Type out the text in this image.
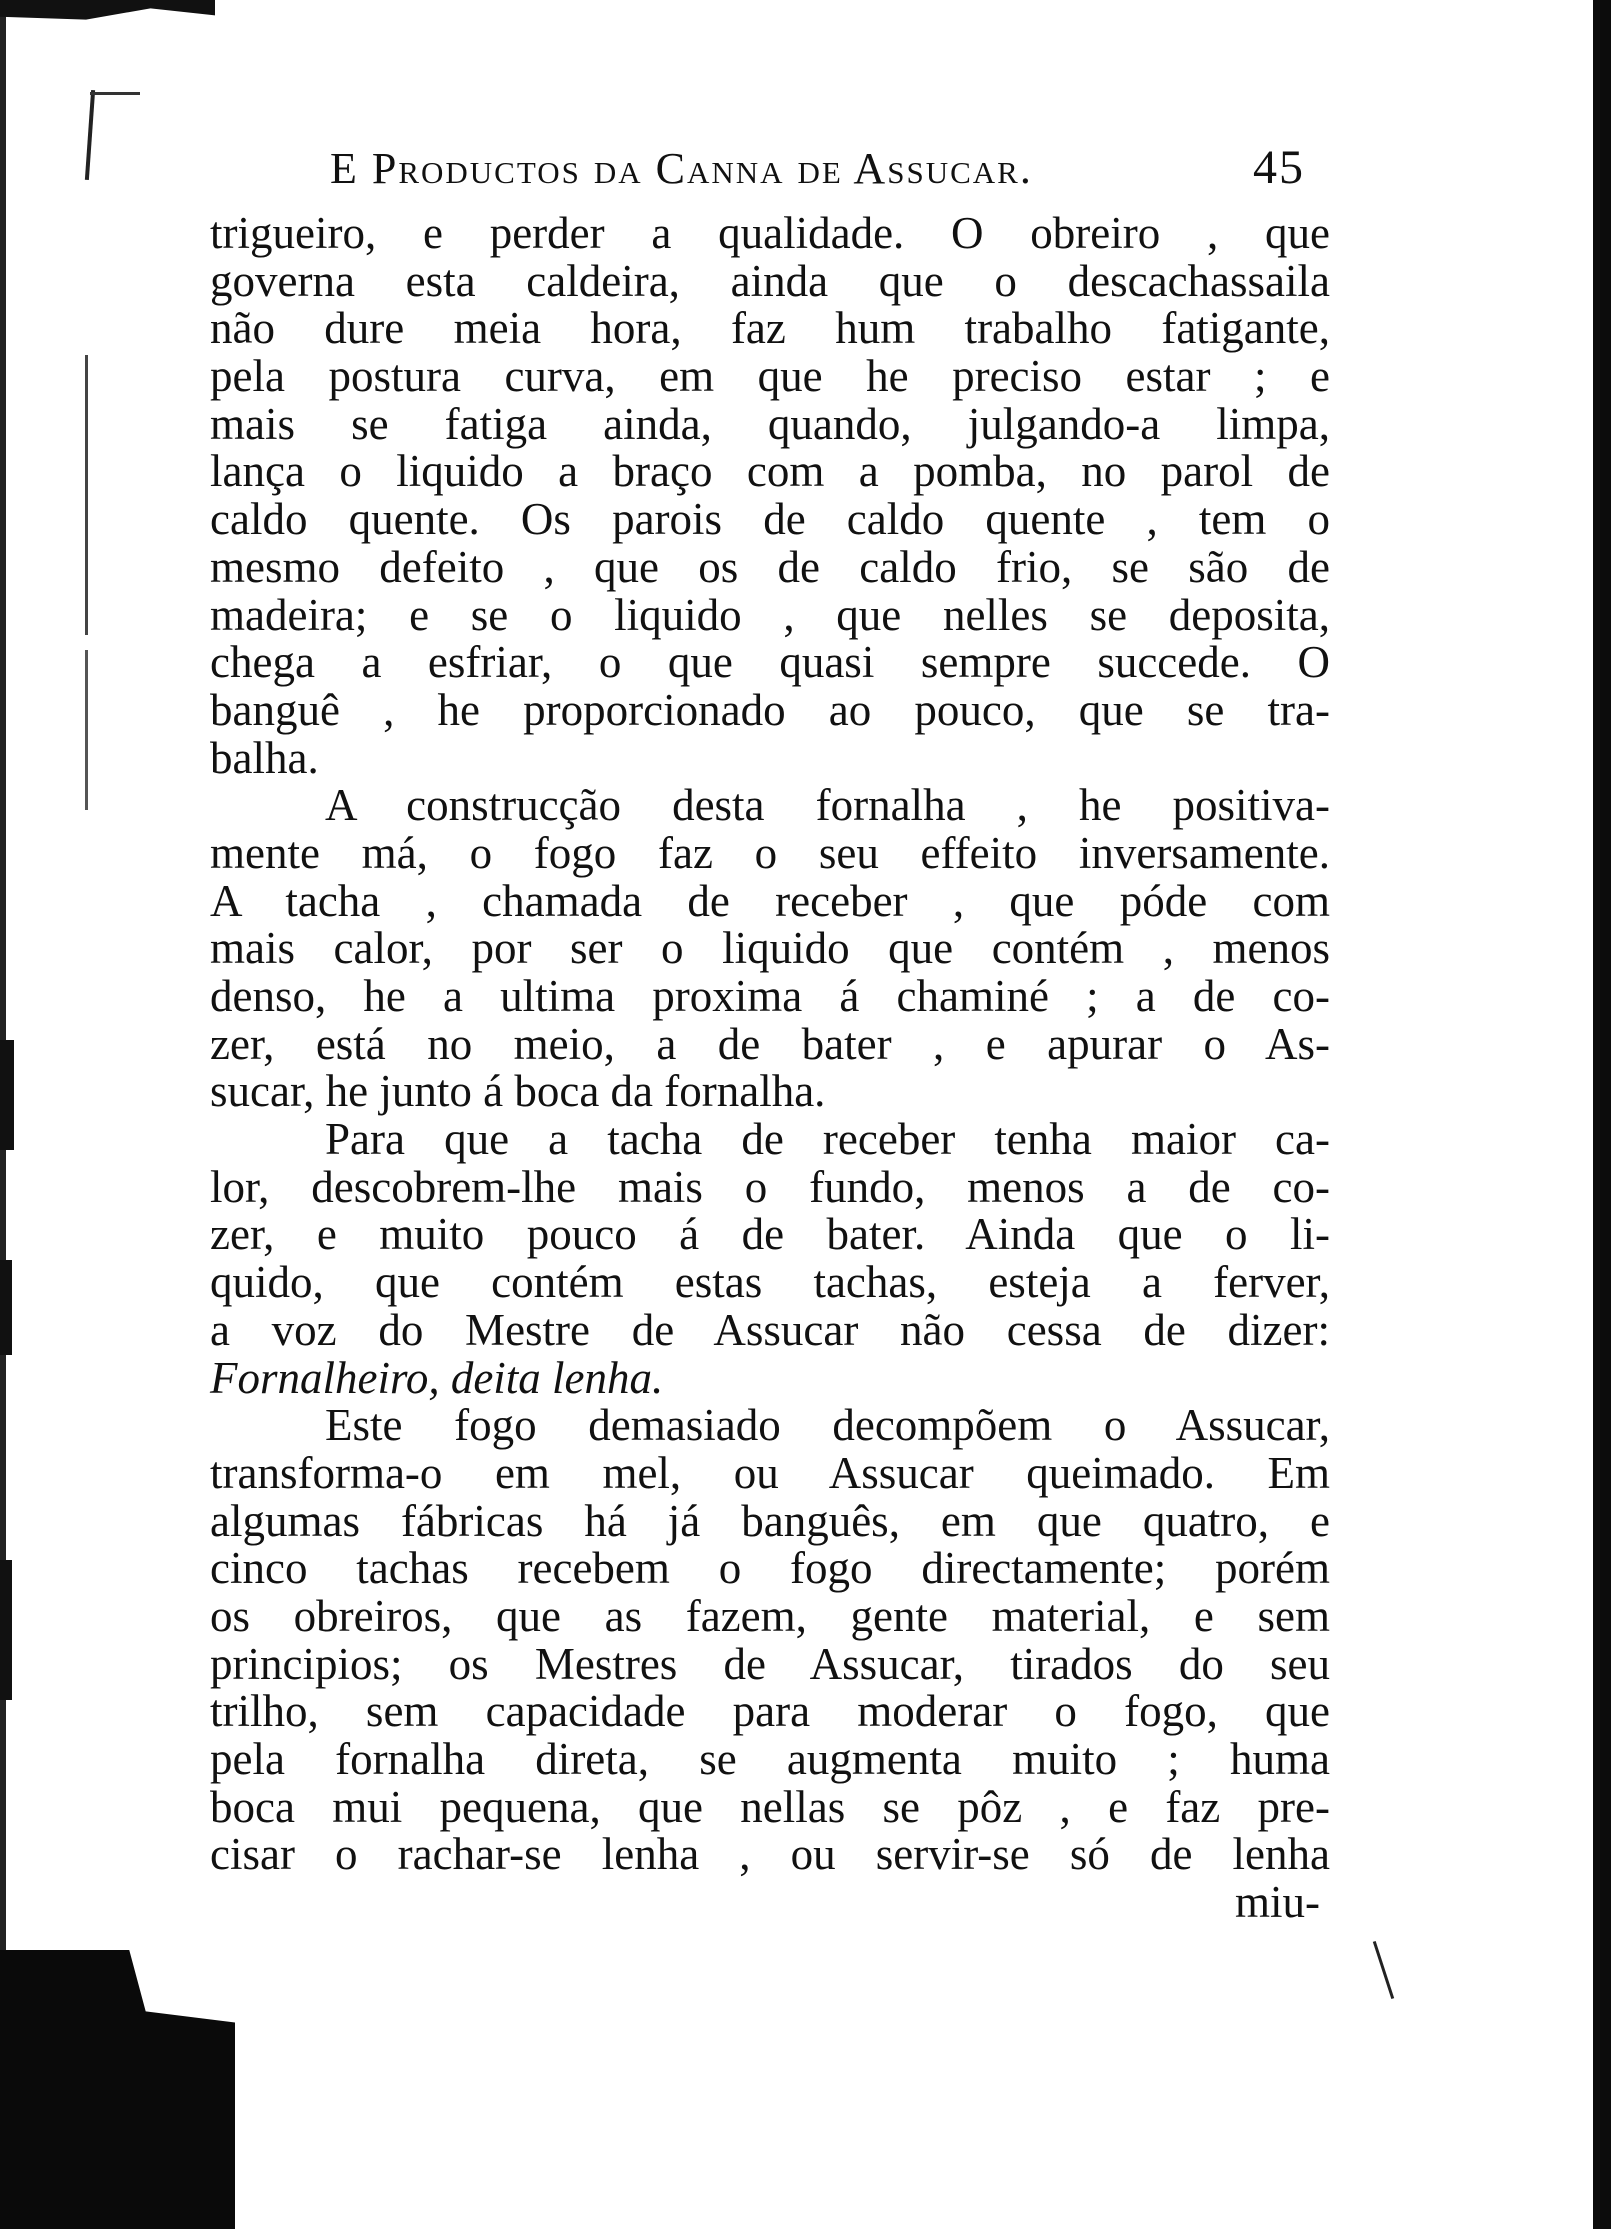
E Productos da Canna de Assucar.	45
trigueiro, e perder a qualidade. O obreiro , que
governa esta caldeira, ainda que o descachassaila
não dure meia hora, faz hum trabalho fatigante,
pela postura curva, em que he preciso estar ; e
mais se fatiga ainda, quando, julgando-a limpa,
lança o liquido a braço com a pomba, no parol de
caldo quente. Os parois de caldo quente , tem o
mesmo defeito , que os de caldo frio, se são de
madeira; e se o liquido , que nelles se deposita,
chega a esfriar, o que quasi sempre succede. O
banguê , he proporcionado ao pouco, que se tra-
balha.
A construcção desta fornalha , he positiva-
mente má, o fogo faz o seu effeito inversamente.
A tacha , chamada de receber , que póde com
mais calor, por ser o liquido que contém , menos
denso, he a ultima proxima á chaminé ; a de co-
zer, está no meio, a de bater , e apurar o As-
sucar, he junto á boca da fornalha.
Para que a tacha de receber tenha maior ca-
lor, descobrem-lhe mais o fundo, menos a de co-
zer, e muito pouco á de bater. Ainda que o li-
quido, que contém estas tachas, esteja a ferver,
a voz do Mestre de Assucar não cessa de dizer:
Fornalheiro, deita lenha.
Este fogo demasiado decompõem o Assucar,
transforma-o em mel, ou Assucar queimado. Em
algumas fábricas há já banguês, em que quatro, e
cinco tachas recebem o fogo directamente; porém
os obreiros, que as fazem, gente material, e sem
principios; os Mestres de Assucar, tirados do seu
trilho, sem capacidade para moderar o fogo, que
pela fornalha direta, se augmenta muito ; huma
boca mui pequena, que nellas se pôz , e faz pre-
cisar o rachar-se lenha , ou servir-se só de lenha
miu-
